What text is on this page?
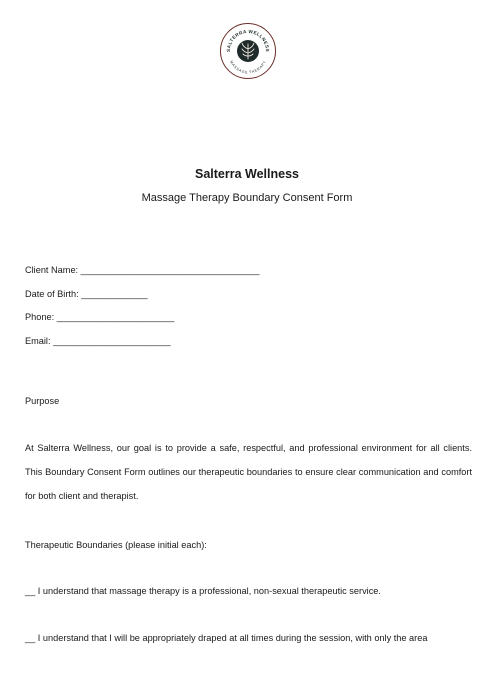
SALTERRA WELLNESS
MASSAGE THERAPY
Salterra Wellness
Massage Therapy Boundary Consent Form
Client Name: ___________________________________
Date of Birth: _____________
Phone: _______________________
Email: _______________________
Purpose

At Salterra Wellness, our goal is to provide a safe, respectful, and professional environment for all clients. This Boundary Consent Form outlines our therapeutic boundaries to ensure clear communication and comfort for both client and therapist.

Therapeutic Boundaries (please initial each):
__ I understand that massage therapy is a professional, non-sexual therapeutic service.
__ I understand that I will be appropriately draped at all times during the session, with only the area
